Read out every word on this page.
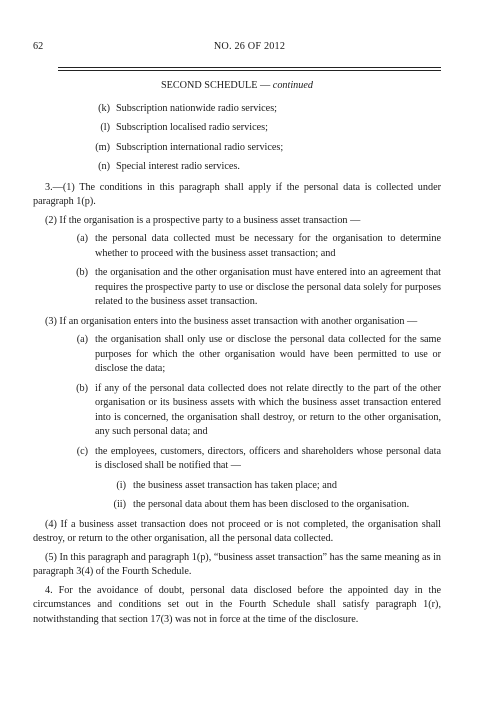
62	NO. 26 OF 2012

SECOND SCHEDULE — continued

(k) Subscription nationwide radio services;
(l) Subscription localised radio services;
(m) Subscription international radio services;
(n) Special interest radio services.

3.—(1) The conditions in this paragraph shall apply if the personal data is collected under paragraph 1(p).

(2) If the organisation is a prospective party to a business asset transaction —

(a) the personal data collected must be necessary for the organisation to determine whether to proceed with the business asset transaction; and
(b) the organisation and the other organisation must have entered into an agreement that requires the prospective party to use or disclose the personal data solely for purposes related to the business asset transaction.

(3) If an organisation enters into the business asset transaction with another organisation —

(a) the organisation shall only use or disclose the personal data collected for the same purposes for which the other organisation would have been permitted to use or disclose the data;
(b) if any of the personal data collected does not relate directly to the part of the other organisation or its business assets with which the business asset transaction entered into is concerned, the organisation shall destroy, or return to the other organisation, any such personal data; and
(c) the employees, customers, directors, officers and shareholders whose personal data is disclosed shall be notified that —
(i) the business asset transaction has taken place; and
(ii) the personal data about them has been disclosed to the organisation.

(4) If a business asset transaction does not proceed or is not completed, the organisation shall destroy, or return to the other organisation, all the personal data collected.

(5) In this paragraph and paragraph 1(p), “business asset transaction” has the same meaning as in paragraph 3(4) of the Fourth Schedule.

4. For the avoidance of doubt, personal data disclosed before the appointed day in the circumstances and conditions set out in the Fourth Schedule shall satisfy paragraph 1(r), notwithstanding that section 17(3) was not in force at the time of the disclosure.
